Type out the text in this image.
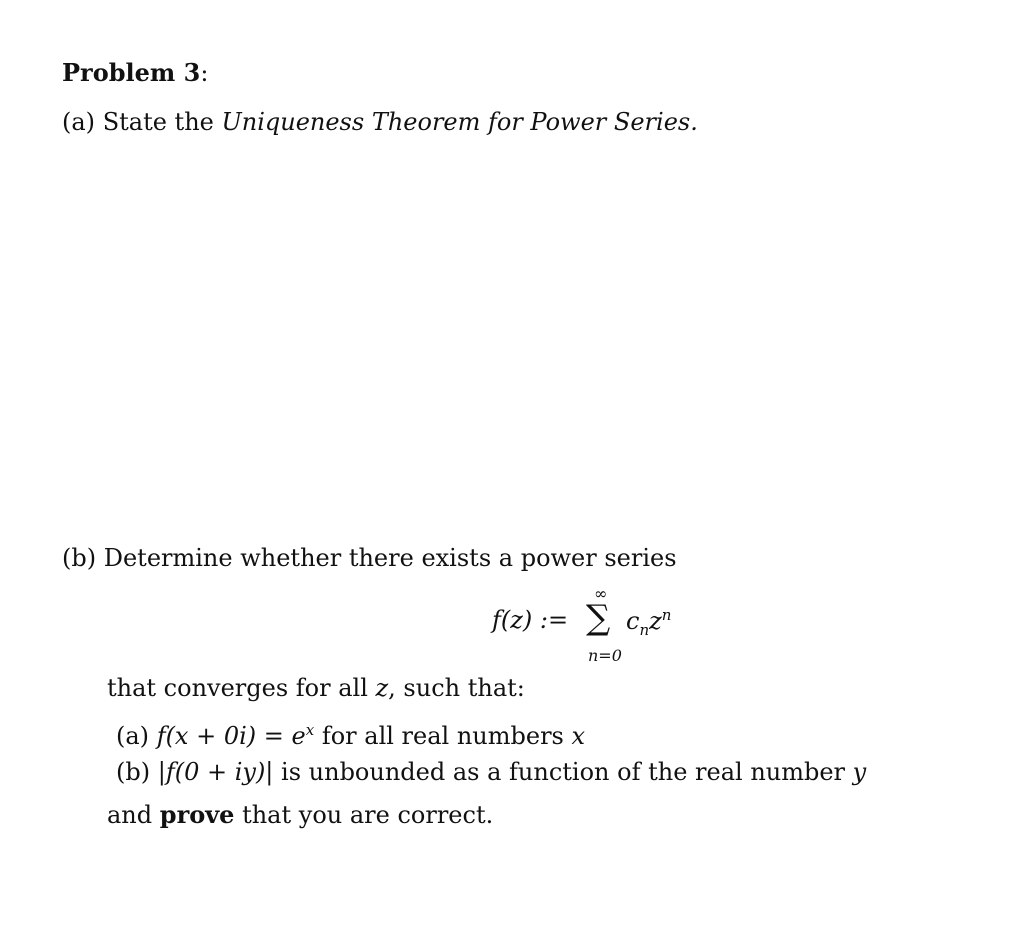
Problem 3:
(a) State the Uniqueness Theorem for Power Series.
(b) Determine whether there exists a power series
f(z) :=
∞
∑
n=0
$c_nz^n$
that converges for all z, such that:
(a) $f(x + 0i) = e^x$ for all real numbers x
(b) |f(0 + iy)| is unbounded as a function of the real number y
and prove that you are correct.
